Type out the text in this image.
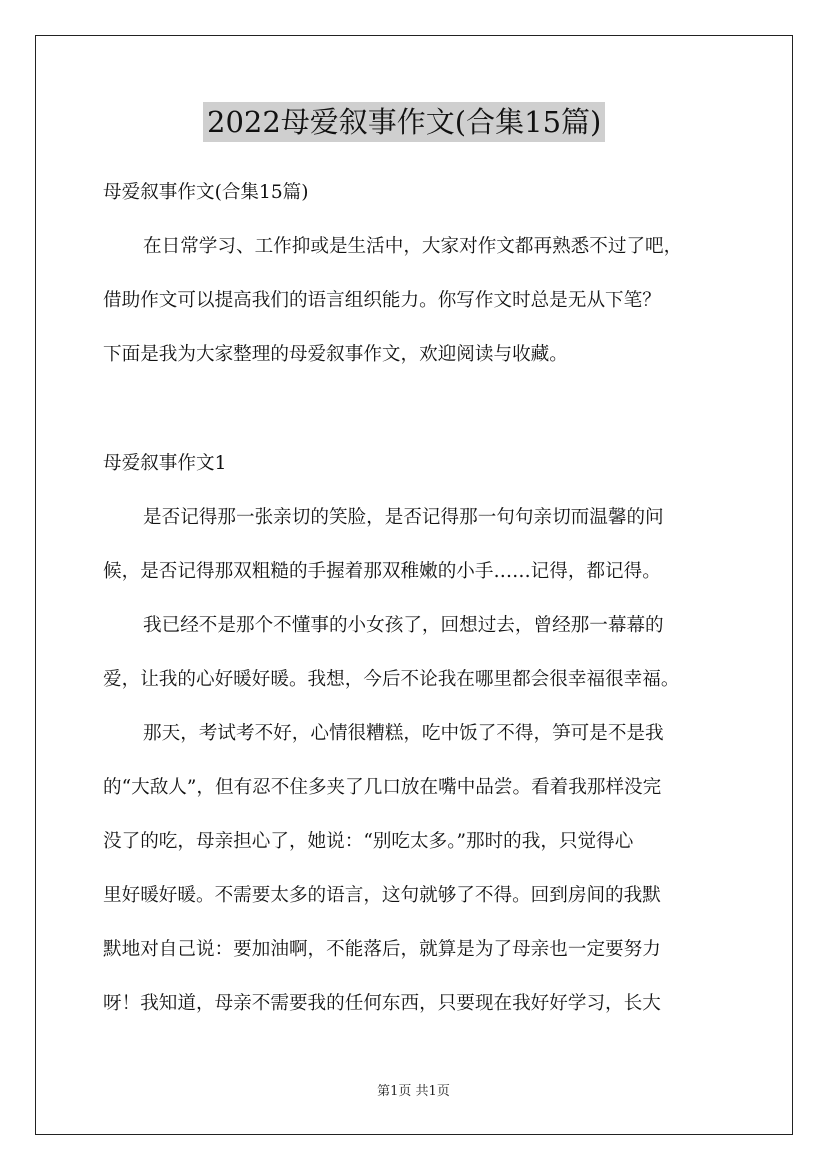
2022母爱叙事作文(合集15篇)
母爱叙事作文(合集15篇)
在日常学习、工作抑或是生活中，大家对作文都再熟悉不过了吧，
借助作文可以提高我们的语言组织能力。你写作文时总是无从下笔？
下面是我为大家整理的母爱叙事作文，欢迎阅读与收藏。
母爱叙事作文1
是否记得那一张亲切的笑脸，是否记得那一句句亲切而温馨的问
候，是否记得那双粗糙的手握着那双稚嫩的小手……记得，都记得。
我已经不是那个不懂事的小女孩了，回想过去，曾经那一幕幕的
爱，让我的心好暖好暖。我想，今后不论我在哪里都会很幸福很幸福。
那天，考试考不好，心情很糟糕，吃中饭了不得，笋可是不是我
的“大敌人”，但有忍不住多夹了几口放在嘴中品尝。看着我那样没完
没了的吃，母亲担心了，她说：“别吃太多。”那时的我，只觉得心
里好暖好暖。不需要太多的语言，这句就够了不得。回到房间的我默
默地对自己说：要加油啊，不能落后，就算是为了母亲也一定要努力
呀！我知道，母亲不需要我的任何东西，只要现在我好好学习，长大
第1页 共1页
